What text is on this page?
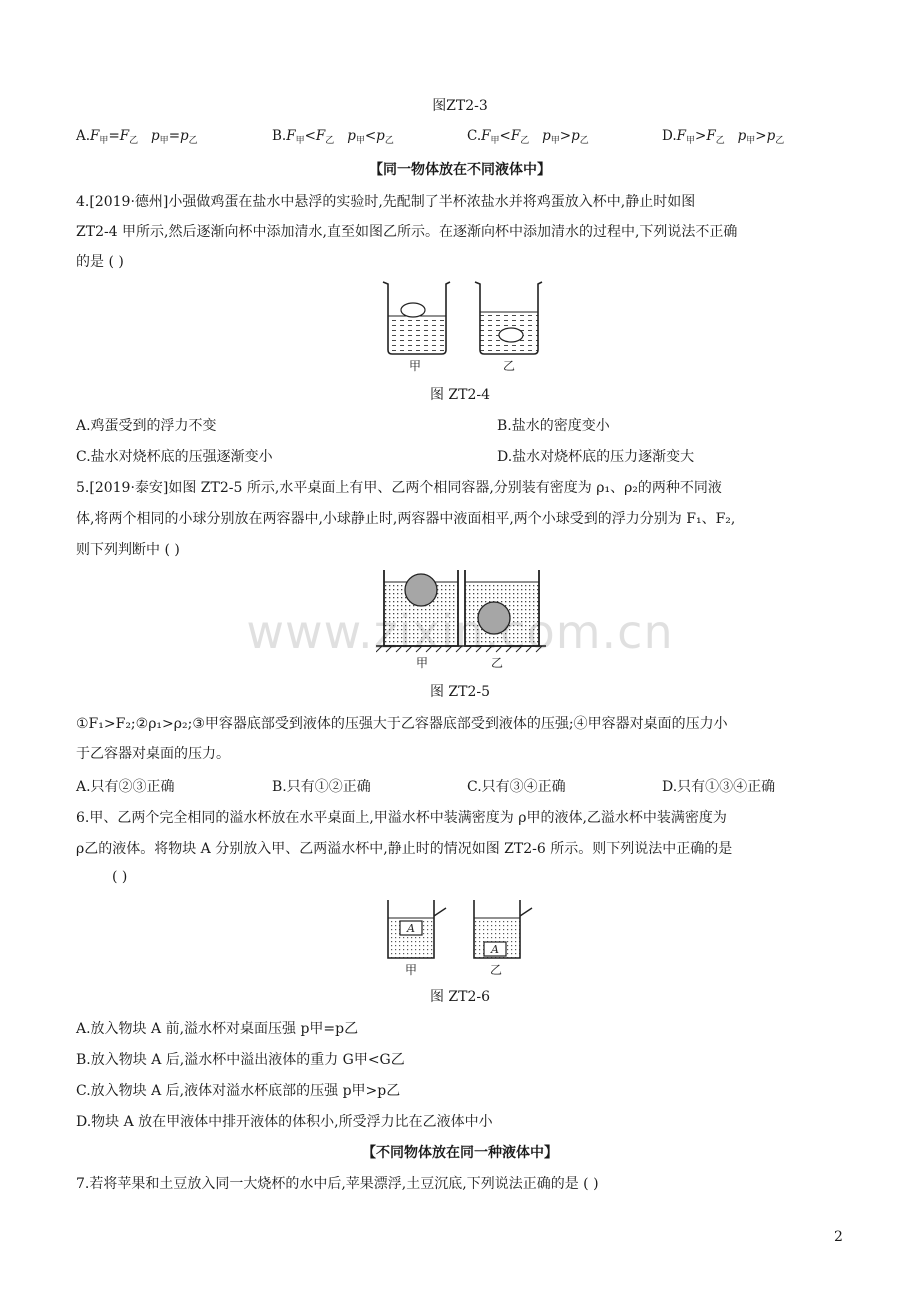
图ZT2-3
$A.F_甲=F_乙$ $p_甲=p_乙$	$B.F_甲<F_乙$ $p_甲<p_乙$	$C.F_甲<F_乙$ $p_甲>p_乙$	$D.F_甲>F_乙$ $p_甲>p_乙$
【同一物体放在不同液体中】
4.[2019·德州]小强做鸡蛋在盐水中悬浮的实验时,先配制了半杯浓盐水并将鸡蛋放入杯中,静止时如图
ZT2-4 甲所示,然后逐渐向杯中添加清水,直至如图乙所示。在逐渐向杯中添加清水的过程中,下列说法不正确
的是 ( )
甲	乙
图 ZT2-4
A.鸡蛋受到的浮力不变	B.盐水的密度变小
C.盐水对烧杯底的压强逐渐变小	D.盐水对烧杯底的压力逐渐变大
5.[2019·泰安]如图 ZT2-5 所示,水平桌面上有甲、乙两个相同容器,分别装有密度为 ρ₁、ρ₂的两种不同液
体,将两个相同的小球分别放在两容器中,小球静止时,两容器中液面相平,两个小球受到的浮力分别为 F₁、F₂,
则下列判断中 ( )
甲	乙
www.zixin.com.cn
图 ZT2-5
①F₁>F₂;②ρ₁>ρ₂;③甲容器底部受到液体的压强大于乙容器底部受到液体的压强;④甲容器对桌面的压力小
于乙容器对桌面的压力。
A.只有②③正确	B.只有①②正确	C.只有③④正确	D.只有①③④正确
6.甲、乙两个完全相同的溢水杯放在水平桌面上,甲溢水杯中装满密度为 ρ甲的液体,乙溢水杯中装满密度为
ρ乙的液体。将物块 A 分别放入甲、乙两溢水杯中,静止时的情况如图 ZT2-6 所示。则下列说法中正确的是
( )
A
A
甲	乙
图 ZT2-6
A.放入物块 A 前,溢水杯对桌面压强 p甲=p乙
B.放入物块 A 后,溢水杯中溢出液体的重力 G甲<G乙
C.放入物块 A 后,液体对溢水杯底部的压强 p甲>p乙
D.物块 A 放在甲液体中排开液体的体积小,所受浮力比在乙液体中小
【不同物体放在同一种液体中】
7.若将苹果和土豆放入同一大烧杯的水中后,苹果漂浮,土豆沉底,下列说法正确的是 ( )
2
